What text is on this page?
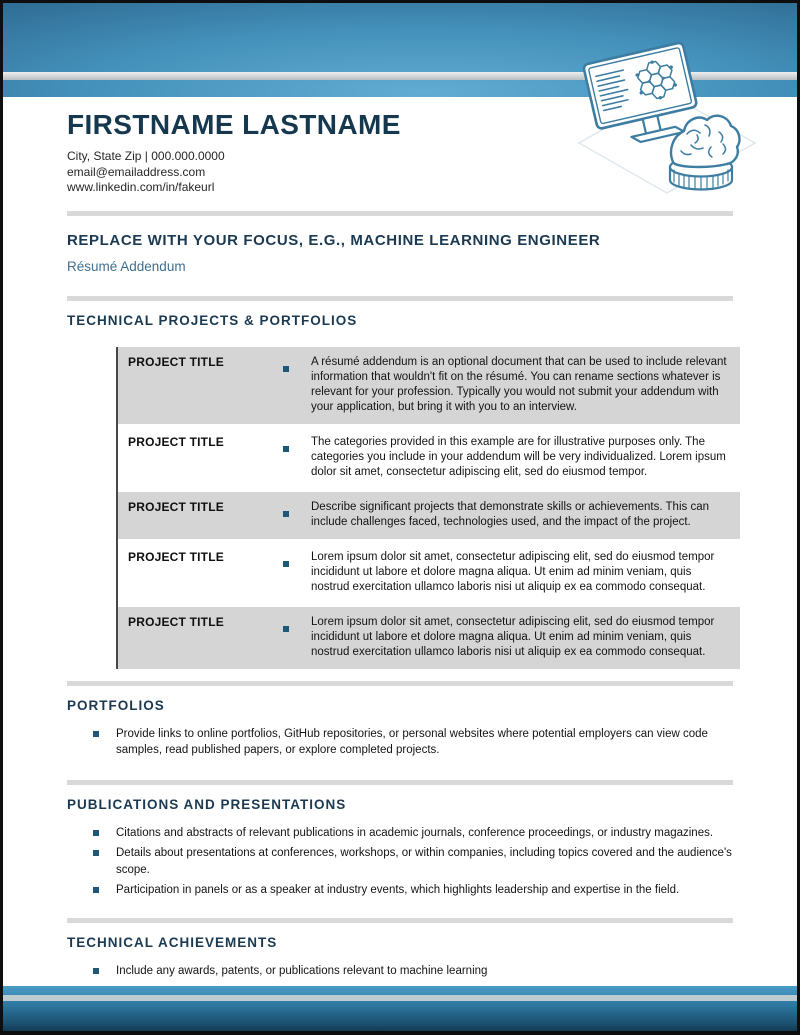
FIRSTNAME LASTNAME
City, State Zip | 000.000.0000
email@emailaddress.com
www.linkedin.com/in/fakeurl
REPLACE WITH YOUR FOCUS, E.G., MACHINE LEARNING ENGINEER
Résumé Addendum
TECHNICAL PROJECTS & PORTFOLIOS
PROJECT TITLE	A résumé addendum is an optional document that can be used to include relevant information that wouldn't fit on the résumé. You can rename sections whatever is relevant for your profession. Typically you would not submit your addendum with your application, but bring it with you to an interview.
PROJECT TITLE	The categories provided in this example are for illustrative purposes only. The categories you include in your addendum will be very individualized. Lorem ipsum dolor sit amet, consectetur adipiscing elit, sed do eiusmod tempor.
PROJECT TITLE	Describe significant projects that demonstrate skills or achievements. This can include challenges faced, technologies used, and the impact of the project.
PROJECT TITLE	Lorem ipsum dolor sit amet, consectetur adipiscing elit, sed do eiusmod tempor incididunt ut labore et dolore magna aliqua. Ut enim ad minim veniam, quis nostrud exercitation ullamco laboris nisi ut aliquip ex ea commodo consequat.
PROJECT TITLE	Lorem ipsum dolor sit amet, consectetur adipiscing elit, sed do eiusmod tempor incididunt ut labore et dolore magna aliqua. Ut enim ad minim veniam, quis nostrud exercitation ullamco laboris nisi ut aliquip ex ea commodo consequat.
PORTFOLIOS
Provide links to online portfolios, GitHub repositories, or personal websites where potential employers can view code samples, read published papers, or explore completed projects.
PUBLICATIONS AND PRESENTATIONS
Citations and abstracts of relevant publications in academic journals, conference proceedings, or industry magazines.
Details about presentations at conferences, workshops, or within companies, including topics covered and the audience's scope.
Participation in panels or as a speaker at industry events, which highlights leadership and expertise in the field.
TECHNICAL ACHIEVEMENTS
Include any awards, patents, or publications relevant to machine learning
